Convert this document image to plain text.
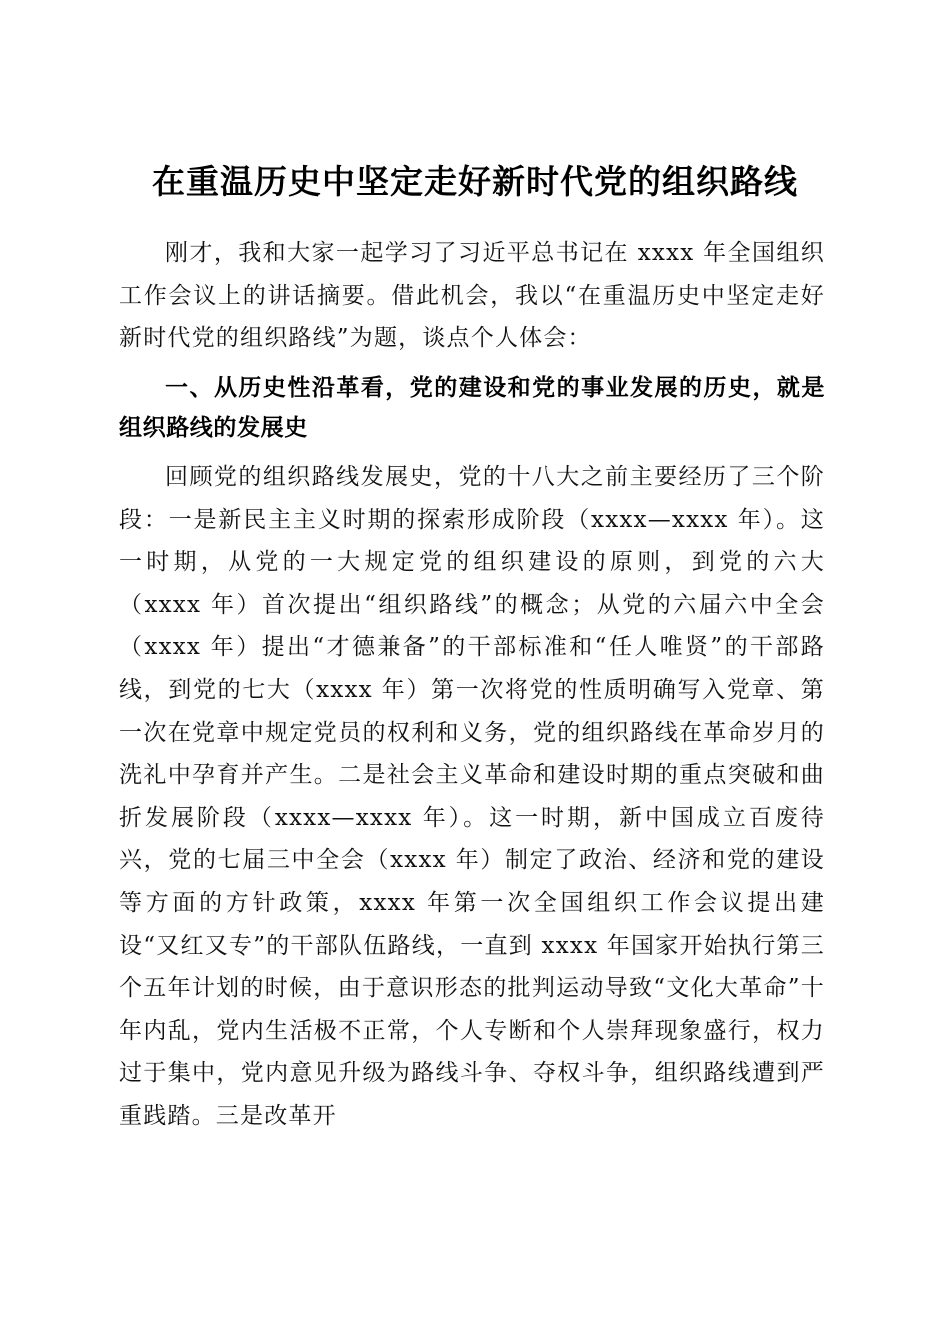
在重温历史中坚定走好新时代党的组织路线

刚才，我和大家一起学习了习近平总书记在 xxxx 年全国组织工作会议上的讲话摘要。借此机会，我以“在重温历史中坚定走好新时代党的组织路线”为题，谈点个人体会：

一、从历史性沿革看，党的建设和党的事业发展的历史，就是组织路线的发展史

回顾党的组织路线发展史，党的十八大之前主要经历了三个阶段：一是新民主主义时期的探索形成阶段（xxxx—xxxx 年）。这一时期，从党的一大规定党的组织建设的原则，到党的六大（xxxx 年）首次提出“组织路线”的概念；从党的六届六中全会（xxxx 年）提出“才德兼备”的干部标准和“任人唯贤”的干部路线，到党的七大（xxxx 年）第一次将党的性质明确写入党章、第一次在党章中规定党员的权利和义务，党的组织路线在革命岁月的洗礼中孕育并产生。二是社会主义革命和建设时期的重点突破和曲折发展阶段（xxxx—xxxx 年）。这一时期，新中国成立百废待兴，党的七届三中全会（xxxx 年）制定了政治、经济和党的建设等方面的方针政策，xxxx 年第一次全国组织工作会议提出建设“又红又专”的干部队伍路线，一直到 xxxx 年国家开始执行第三个五年计划的时候，由于意识形态的批判运动导致“文化大革命”十年内乱，党内生活极不正常，个人专断和个人崇拜现象盛行，权力过于集中，党内意见升级为路线斗争、夺权斗争，组织路线遭到严重践踏。三是改革开
